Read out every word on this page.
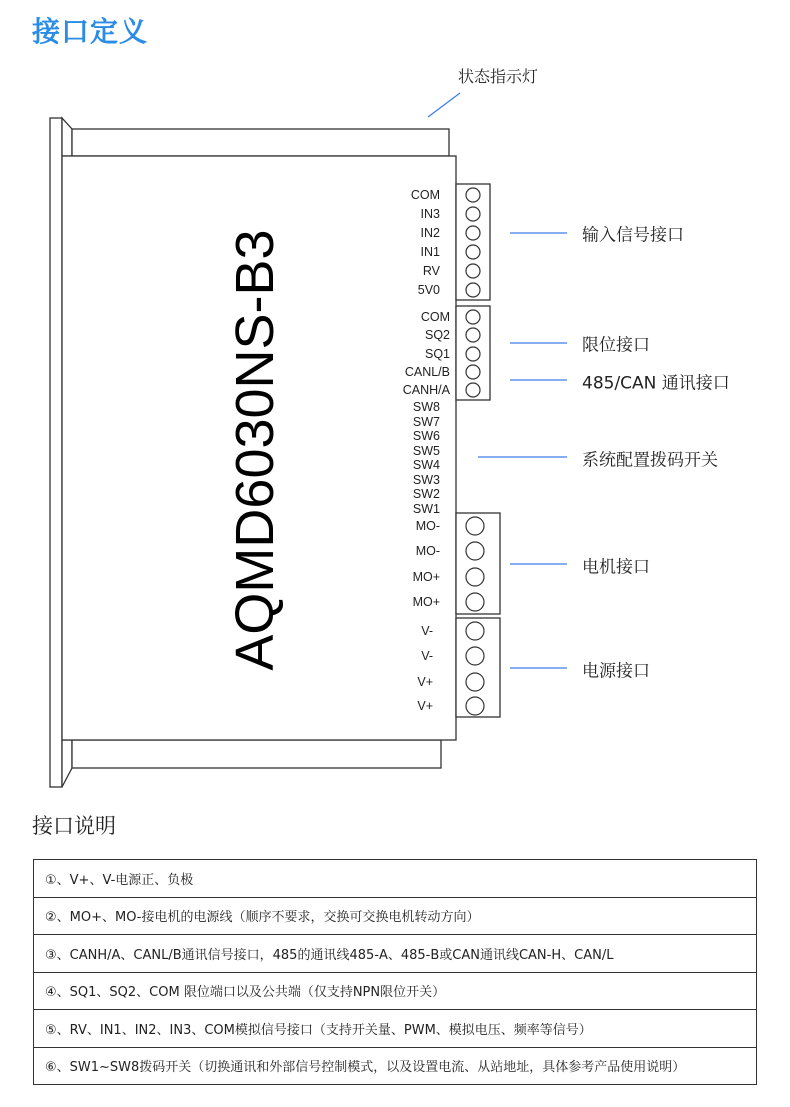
接口定义
状态指示灯
AQMD6030NS-B3
COM
IN3
IN2
IN1
RV
5V0
COM
SQ2
SQ1
CANL/B
CANH/A
SW8
SW7
SW6
SW5
SW4
SW3
SW2
SW1
MO-
MO-
MO+
MO+
V-
V-
V+
V+
输入信号接口
限位接口
485/CAN 通讯接口
系统配置拨码开关
电机接口
电源接口
接口说明
①、V+、V-电源正、负极
②、MO+、MO-接电机的电源线（顺序不要求，交换可交换电机转动方向）
③、CANH/A、CANL/B通讯信号接口，485的通讯线485-A、485-B或CAN通讯线CAN-H、CAN/L
④、SQ1、SQ2、COM 限位端口以及公共端（仅支持NPN限位开关）
⑤、RV、IN1、IN2、IN3、COM模拟信号接口（支持开关量、PWM、模拟电压、频率等信号）
⑥、SW1~SW8拨码开关（切换通讯和外部信号控制模式，以及设置电流、从站地址，具体参考产品使用说明）
